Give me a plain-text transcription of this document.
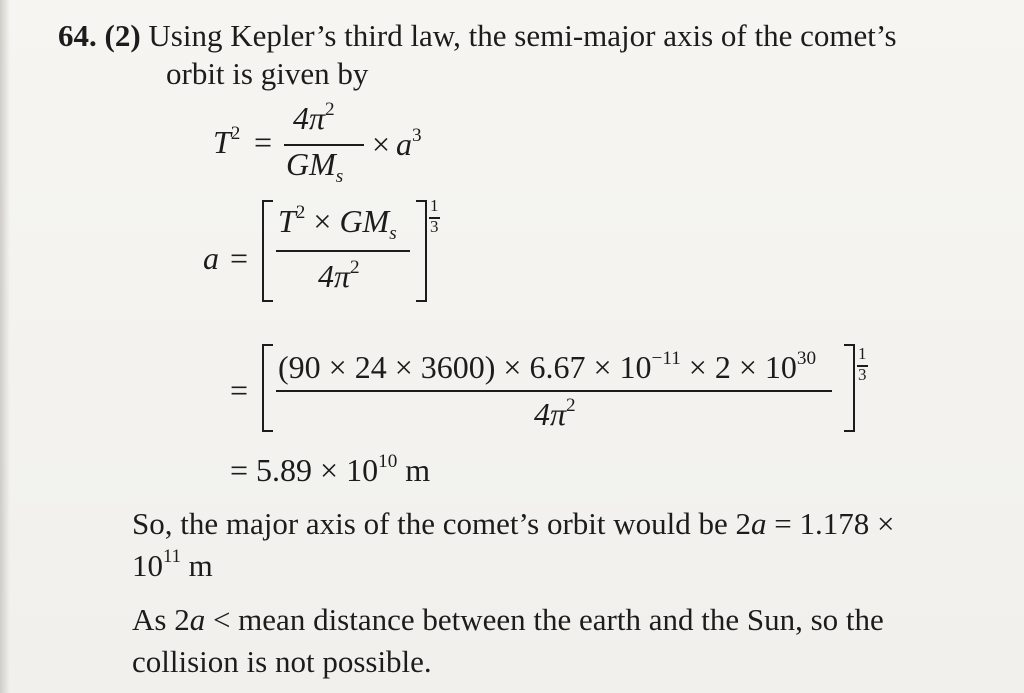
64. (2) Using Kepler’s third law, the semi-major axis of the comet’s
orbit is given by
$T^2$ =
$4\pi^2$
$GM_s$
× $a^3$
a =
$T^2 \times GM_s$
$4\pi^2$
1
3
=
$(90 \times 24 \times 3600) \times 6.67 \times 10^{-11} \times 2 \times 10^{30}$
$4\pi^2$
1
3
= $5.89 \times 10^{10}$ m
So, the major axis of the comet’s orbit would be 2a = 1.178 ×
$10^{11}$ m
As 2a < mean distance between the earth and the Sun, so the
collision is not possible.
